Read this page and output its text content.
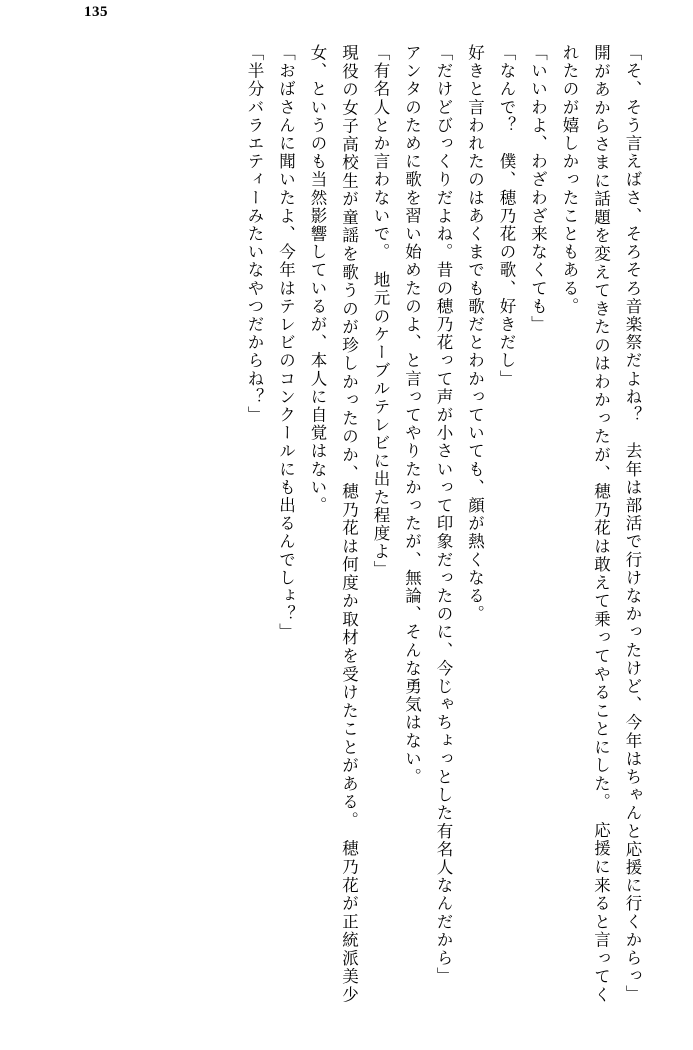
135

「そ、そう言えばさ、そろそろ音楽祭だよね？　去年は部活で行けなかったけど、今年はちゃんと応援に行くからっ」

開があからさまに話題を変えてきたのはわかったが、穂乃花は敢えて乗ってやることにした。　応援に来ると言ってくれたのが嬉しかったこともある。

「いいわよ、わざわざ来なくても」

「なんで？　僕、穂乃花の歌、好きだし」

好きと言われたのはあくまでも歌だとわかっていても、顔が熱くなる。

「だけどびっくりだよね。昔の穂乃花って声が小さいって印象だったのに、今じゃちょっとした有名人なんだから」

アンタのために歌を習い始めたのよ、と言ってやりたかったが、無論、そんな勇気はない。

「有名人とか言わないで。　地元のケーブルテレビに出た程度よ」

現役の女子高校生が童謡を歌うのが珍しかったのか、穂乃花は何度か取材を受けたことがある。　穂乃花が正統派美少女、というのも当然影響しているが、本人に自覚はない。

「おばさんに聞いたよ、今年はテレビのコンクールにも出るんでしょ？」

「半分バラエティーみたいなやつだからね？」
